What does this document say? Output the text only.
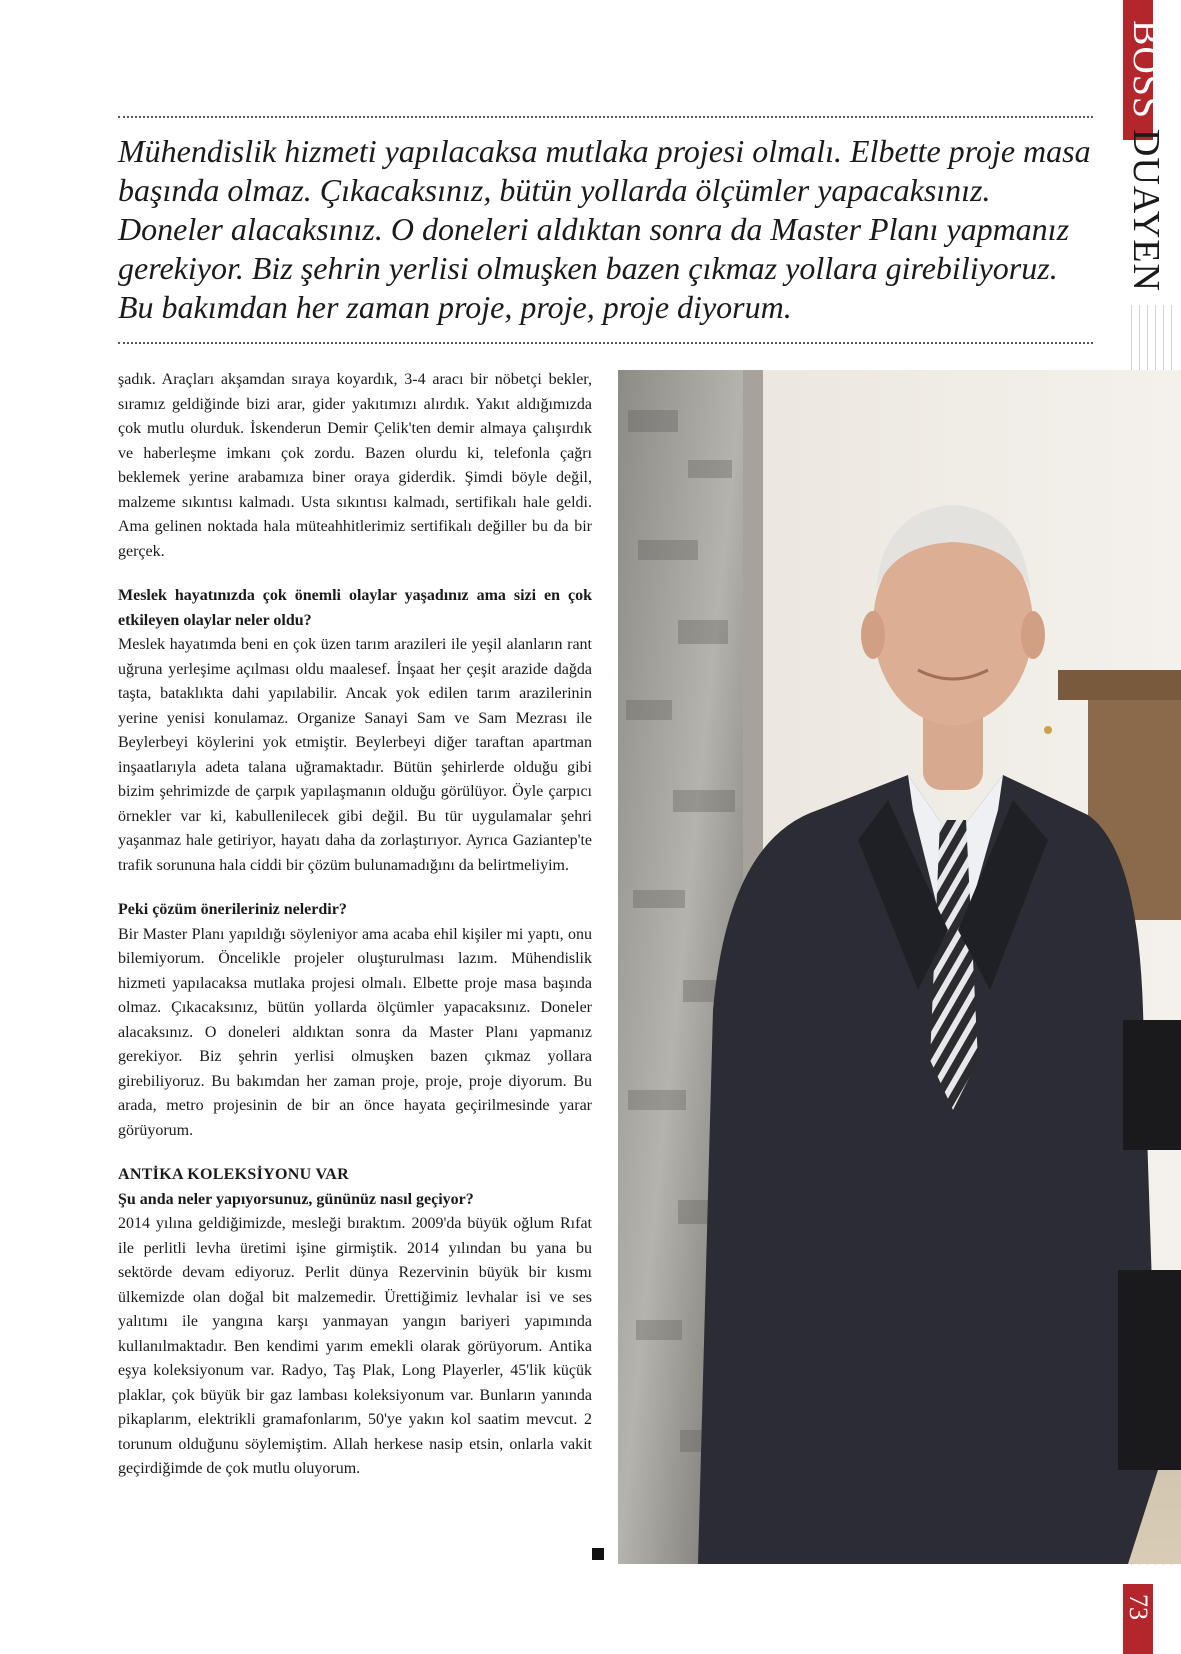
BOSSDUAYEN
73

Mühendislik hizmeti yapılacaksa mutlaka projesi olmalı. Elbette proje masa başında olmaz. Çıkacaksınız, bütün yollarda ölçümler yapacaksınız. Doneler alacaksınız. O doneleri aldıktan sonra da Master Planı yapmanız gerekiyor. Biz şehrin yerlisi olmuşken bazen çıkmaz yollara girebiliyoruz. Bu bakımdan her zaman proje, proje, proje diyorum.

şadık. Araçları akşamdan sıraya koyardık, 3-4 aracı bir nöbetçi bekler, sıramız geldiğinde bizi arar, gider yakıtımızı alırdık. Yakıt aldığımızda çok mutlu olurduk. İskenderun Demir Çelik'ten demir almaya çalışırdık ve haberleşme imkanı çok zordu. Bazen olurdu ki, telefonla çağrı beklemek yerine arabamıza biner oraya giderdik. Şimdi böyle değil, malzeme sıkıntısı kalmadı. Usta sıkıntısı kalmadı, sertifikalı hale geldi. Ama gelinen noktada hala müteahhitlerimiz sertifikalı değiller bu da bir gerçek.

Meslek hayatınızda çok önemli olaylar yaşadınız ama sizi en çok etkileyen olaylar neler oldu?

Meslek hayatımda beni en çok üzen tarım arazileri ile yeşil alanların rant uğruna yerleşime açılması oldu maalesef. İnşaat her çeşit arazide dağda taşta, bataklıkta dahi yapılabilir. Ancak yok edilen tarım arazilerinin yerine yenisi konulamaz. Organize Sanayi Sam ve Sam Mezrası ile Beylerbeyi köylerini yok etmiştir. Beylerbeyi diğer taraftan apartman inşaatlarıyla adeta talana uğramaktadır. Bütün şehirlerde olduğu gibi bizim şehrimizde de çarpık yapılaşmanın olduğu görülüyor. Öyle çarpıcı örnekler var ki, kabullenilecek gibi değil. Bu tür uygulamalar şehri yaşanmaz hale getiriyor, hayatı daha da zorlaştırıyor. Ayrıca Gaziantep'te trafik sorununa hala ciddi bir çözüm bulunamadığını da belirtmeliyim.

Peki çözüm önerileriniz nelerdir?

Bir Master Planı yapıldığı söyleniyor ama acaba ehil kişiler mi yaptı, onu bilemiyorum. Öncelikle projeler oluşturulması lazım. Mühendislik hizmeti yapılacaksa mutlaka projesi olmalı. Elbette proje masa başında olmaz. Çıkacaksınız, bütün yollarda ölçümler yapacaksınız. Doneler alacaksınız. O doneleri aldıktan sonra da Master Planı yapmanız gerekiyor. Biz şehrin yerlisi olmuşken bazen çıkmaz yollara girebiliyoruz. Bu bakımdan her zaman proje, proje, proje diyorum. Bu arada, metro projesinin de bir an önce hayata geçirilmesinde yarar görüyorum.

ANTİKA KOLEKSİYONU VAR

Şu anda neler yapıyorsunuz, gününüz nasıl geçiyor?

2014 yılına geldiğimizde, mesleği bıraktım. 2009'da büyük oğlum Rıfat ile perlitli levha üretimi işine girmiştik. 2014 yılından bu yana bu sektörde devam ediyoruz. Perlit dünya Rezervinin büyük bir kısmı ülkemizde olan doğal bit malzemedir. Ürettiğimiz levhalar isi ve ses yalıtımı ile yangına karşı yanmayan yangın bariyeri yapımında kullanılmaktadır. Ben kendimi yarım emekli olarak görüyorum. Antika eşya koleksiyonum var. Radyo, Taş Plak, Long Playerler, 45'lik küçük plaklar, çok büyük bir gaz lambası koleksiyonum var. Bunların yanında pikaplarım, elektrikli gramafonlarım, 50'ye yakın kol saatim mevcut. 2 torunum olduğunu söylemiştim. Allah herkese nasip etsin, onlarla vakit geçirdiğimde de çok mutlu oluyorum.
